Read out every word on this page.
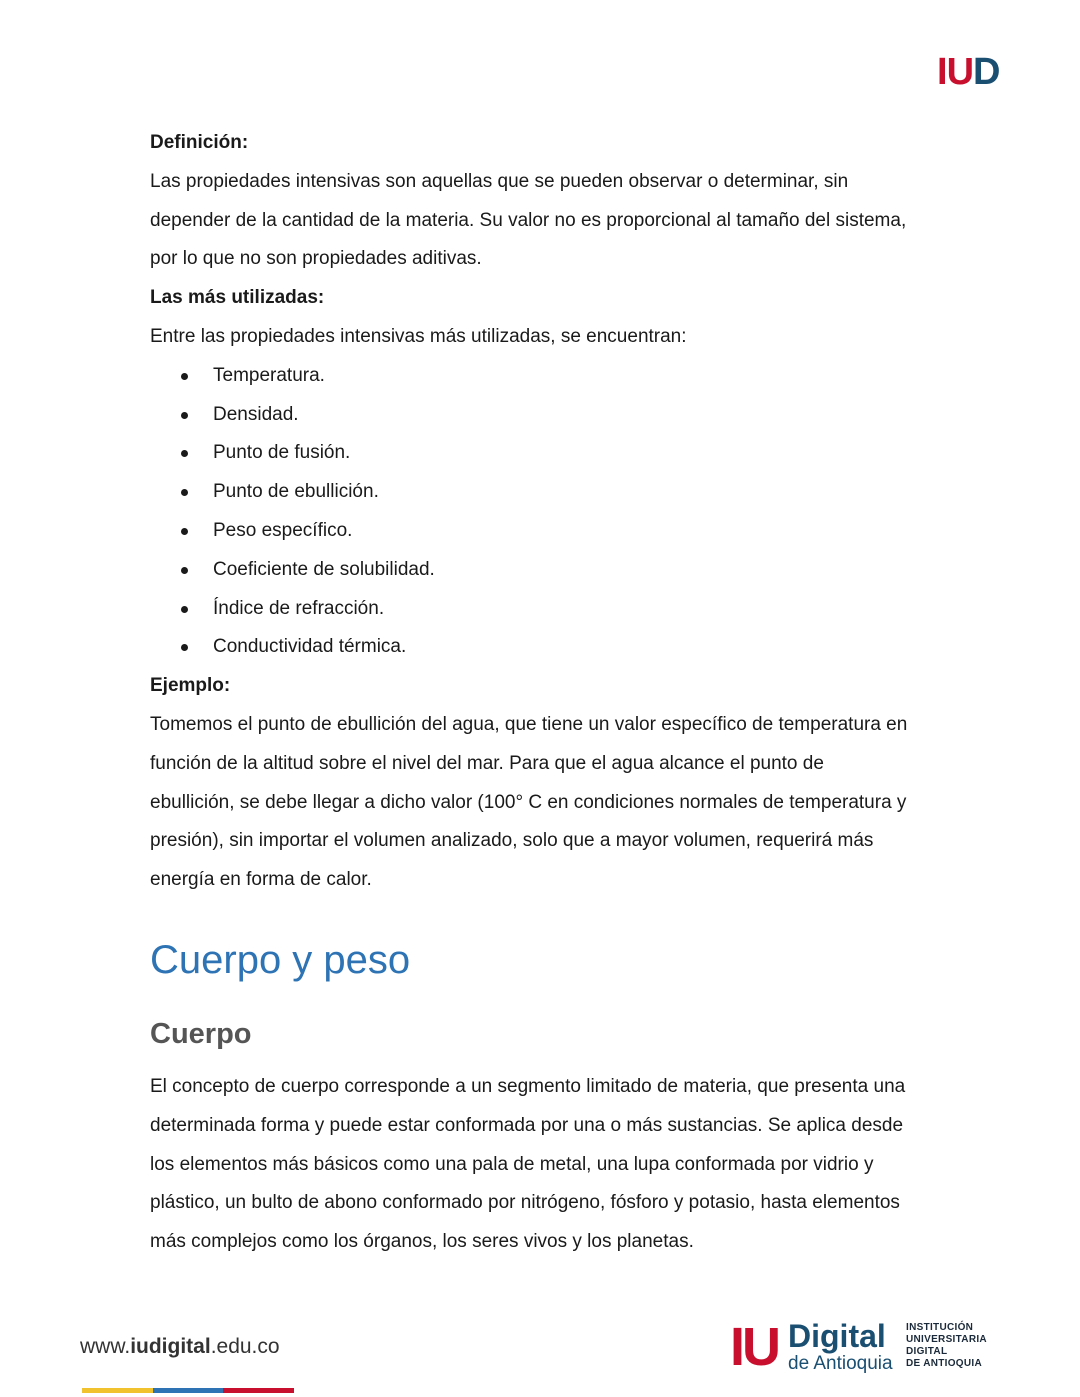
IUD

Definición:

Las propiedades intensivas son aquellas que se pueden observar o determinar, sin

depender de la cantidad de la materia. Su valor no es proporcional al tamaño del sistema,

por lo que no son propiedades aditivas.

Las más utilizadas:

Entre las propiedades intensivas más utilizadas, se encuentran:

Temperatura.
Densidad.
Punto de fusión.
Punto de ebullición.
Peso específico.
Coeficiente de solubilidad.
Índice de refracción.
Conductividad térmica.

Ejemplo:

Tomemos el punto de ebullición del agua, que tiene un valor específico de temperatura en

función de la altitud sobre el nivel del mar. Para que el agua alcance el punto de

ebullición, se debe llegar a dicho valor (100° C en condiciones normales de temperatura y

presión), sin importar el volumen analizado, solo que a mayor volumen, requerirá más

energía en forma de calor.

Cuerpo y peso
Cuerpo

El concepto de cuerpo corresponde a un segmento limitado de materia, que presenta una

determinada forma y puede estar conformada por una o más sustancias. Se aplica desde

los elementos más básicos como una pala de metal, una lupa conformada por vidrio y

plástico, un bulto de abono conformado por nitrógeno, fósforo y potasio, hasta elementos

más complejos como los órganos, los seres vivos y los planetas.

www.iudigital.edu.co	IU Digital
de Antioquia
INSTITUCIÓN
UNIVERSITARIA
DIGITAL
DE ANTIOQUIA
